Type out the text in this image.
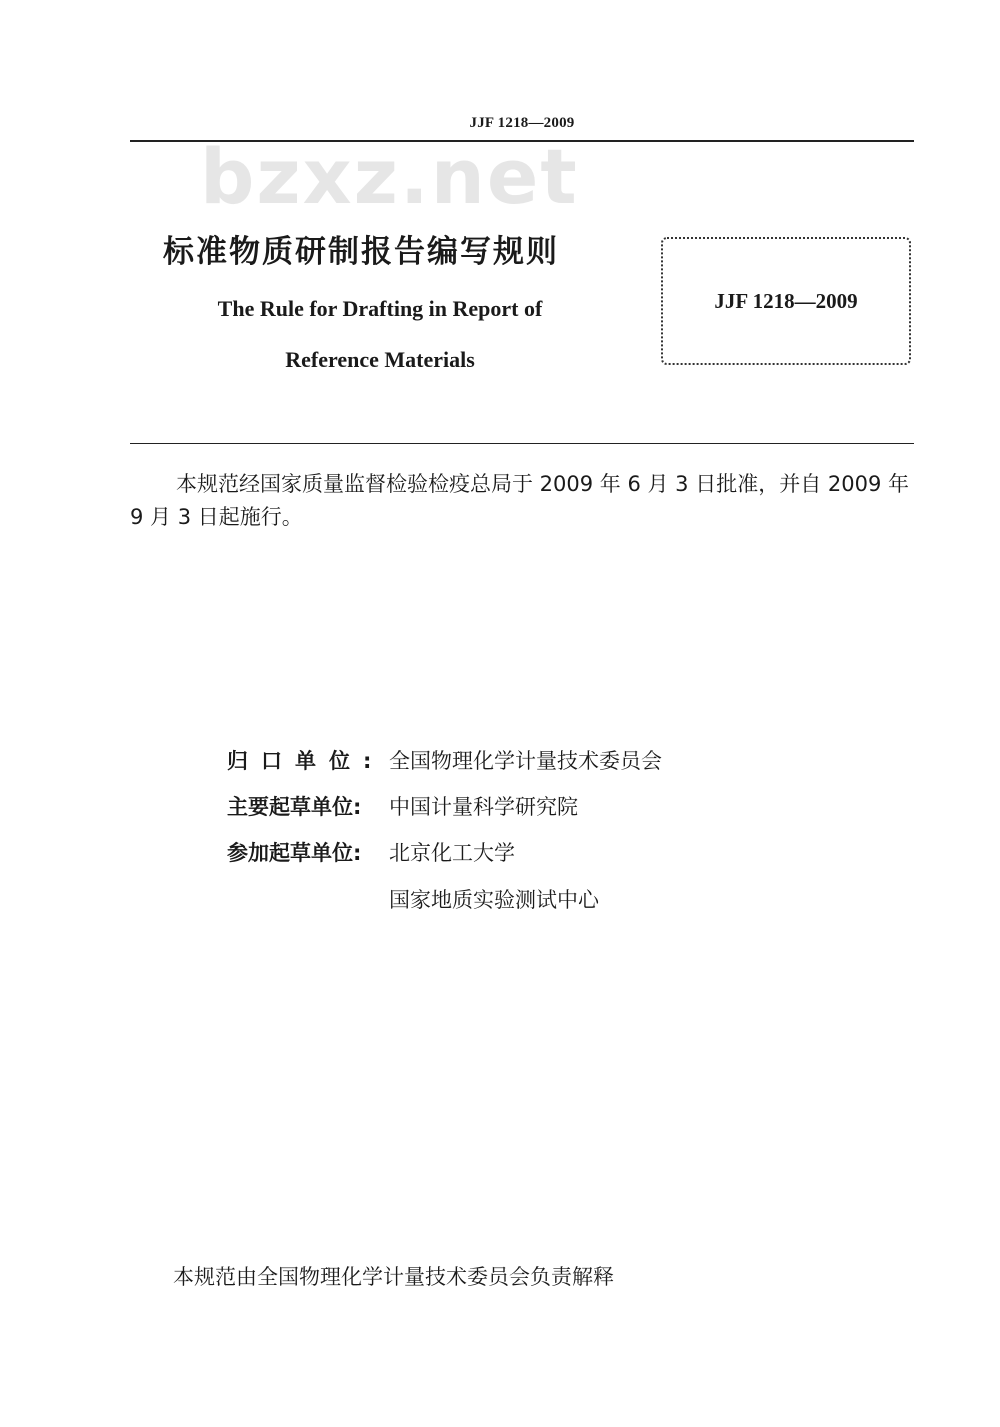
JJF 1218—2009
bzxz.net
标准物质研制报告编写规则
The Rule for Drafting in Report of
Reference Materials
JJF 1218—2009
本规范经国家质量监督检验检疫总局于 2009 年 6 月 3 日批准，并自 2009 年 9 月 3 日起施行。
归口单位: 全国物理化学计量技术委员会
主要起草单位: 中国计量科学研究院
参加起草单位: 北京化工大学
国家地质实验测试中心
本规范由全国物理化学计量技术委员会负责解释
